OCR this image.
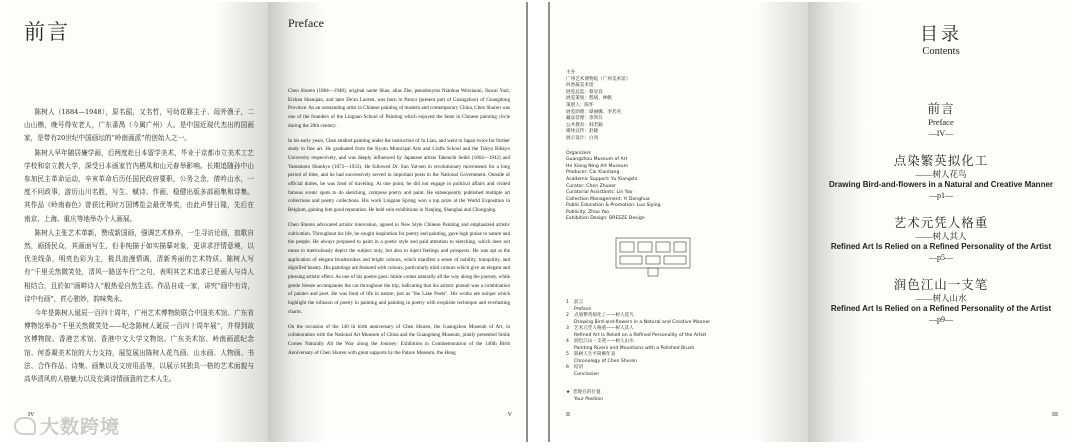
前言

陈树人（1884—1948），原名韶，又名哲，号幼花簃主子、葭外渔子，二山山樵，晚号得安老人，广东番禺（今属广州）人。是中国近现代杰出的国画家，是带有20世纪中国画坛的“岭南画派”的创始人之一。

陈树人早年随居廉学画，后两度赴日本留学美术，毕业于京都市立美术工艺学校和京立教大学，深受日本画家竹内栖凤和山元春举影响。长期追随孙中山参加民主革命运动，辛亥革命后历任国民政府要职，公务之余，倩吟山水，一度不问政事，游历山川名胜，写生、赋诗、作画，稳健出版多部画集和诗集。其作品《岭南春色》曾获比利时万国博览会最优等奖，由此声誉日隆，先后在南京、上海、重庆等地举办个人画展。

陈树人主张艺术革新，赞成新国画，强调艺术修养，一生寻访论画，寂歌自然，画扬民众，其画面写生，但非纯描于如实描摹对象，更讲求抒情意境，以优美线条，明亮色彩为主，极具浪漫情调，清新秀丽的艺术特质。陈树人写有“千里关然微笑处，清风一路送车行”之句，表明其艺术追求已是画人与诗人相结合，且於如“画畔诗人”般热爱自然生活。作品自成一家，讲究“画中有诗，诗中有画”，匠心独妙，韵味隽永。

今年是陈树人诞辰一百四十周年，广州艺术博物院联合中国美术馆、广东省博物馆举办“千里关然微笑处——纪念陈树人诞辰一百四十周年展”，并得到故宫博物院、香港艺术馆、香港中文大学文物馆、广东美术馆、岭南画派纪念馆、何香凝美术馆的大力支持，展览展出陈树人花鸟画、山水画、人物画、书法、合作作品、诗集、画集以及文房用品等，以展示其独具一格的艺术面貌与高华清风的人格魅力以及充满诗情画意的艺术人生。

IV
Preface

Chen Shuren (1884—1948), original name Shao, alias Zhe, pseudonyms Nianhua Weixiaoni, Jiawai Yuzi, Ershan Shanqiao, and later De'an Laoren, was born in Panyu (present part of Guangzhou) of Guangdong Province. As an outstanding artist in Chinese painting of modern and contemporary China, Chen Shuren was one of the founders of the Lingnan School of Painting which enjoyed the fame in Chinese painting circle during the 20th century.

In his early years, Chen studied painting under the instruction of Ju Lian, and went to Japan twice for further study in fine art. He graduated from the Kyoto Municipal Arts and Crafts School and the Tokyo Rikkyo University respectively, and was deeply influenced by Japanese artists Takeuchi Seihō (1864—1942) and Yamamoto Shunkyo (1872—1933). He followed Dr. Sun Yat-sen in revolutionary movements for a long period of time, and he had successively served in important posts in the National Government. Outside of official duties, he was fond of traveling. At one point, he did not engage in political affairs and visited famous scenic spots to do sketching, compose poetry and paint. He subsequently published multiple art collections and poetry collections. His work Lingnan Spring won a top prize at the World Exposition in Belgium, gaining him good reputation. He held solo exhibitions in Nanjing, Shanghai and Chongqing.

Chen Shuren advocated artistic innovation, agreed to New Style Chinese Painting and emphasized artistic cultivation. Throughout his life, he sought inspiration for poetry and painting, gave high praise to nature and the people. He always proposed to paint in a poetic style and paid attention to sketching, which does not mean to meticulously depict the subject only, but also to inject feelings and prospects. He was apt at the application of elegant brushstrokes and bright colours, which manifest a sense of nobility, tranquility, and dignified beauty. His paintings are featured with colours, particularly mild colours which give an elegant and pleasing artistic effect. As one of his poems goes: Smile comes naturally all the way along the journey, while gentle breeze accompanies the car throughout the trip, indicating that his artistic pursuit was a combination of painter and poet. He was fond of life in nature, just as "the Lake Poets". His works are unique which highlight the infusion of poetry in painting and painting in poetry with exquisite technique and everlasting charm.

On the occasion of the 140 th birth anniversary of Chen Shuren, the Guangzhou Museum of Art, in collaboration with the National Art Museum of China and the Guangdong Museum, jointly presented Smile Comes Naturally All the Way along the Journey: Exhibition in Commemoration of the 140th Birth Anniversary of Chen Shuren with great supports by the Palace Museum, the Hong

V
主办
广州艺术博物院（广州美术馆）
何香凝美术馆
展览总监：蔡显良
展览策划：程斌、林帆
策展人：陈怀
展览助理：谭丽娜、李若君
藏品管理：余剑芬
公共教育：韩若颖
媒体宣传：赵颖
展示设计：白风
Organizers
Guangzhou Museum of Art
He Xiang Ning Art Museum
Producer: Cai Xianliang
Academic Support: Yu Xiangshi
Curator: Chen Zhuoer
Curatorial Assistants: Lin Yao
Collection Management: Yi Donghua
Public Education & Promotion: Luo Siying
Publicity: Zhao Yao
Exhibition Design: BREEZE Design
1	前言
Preface
2	点染繁英拟化工——树人花鸟
Drawing Bird-and-flowers in a Natural and Creative Manner
3	艺术元凭人格重——树人其人
Refined Art Is Relied on a Refined Personality of the Artist
4	润色江山一支笔——树人山水
Painting Rivers and Mountains with a Polished Brush
5	陈树人生平简略年表
Chronology of Chen Shuren
6	结语
Conclusion
★ 您现在的位置
Your Position
II
目录
Contents
前言
Preface
—IV—
点染繁英拟化工
——树人花鸟
Drawing Bird-and-flowers in a Natural and Creative Manner
—p1—
艺术元凭人格重
——树人其人
Refined Art Is Relied on a Refined Personality of the Artist
—p5—
润色江山一支笔
——树人山水
Refined Art Is Relied on a Refined Personality of the Artist
—p9—
III
大数跨境
